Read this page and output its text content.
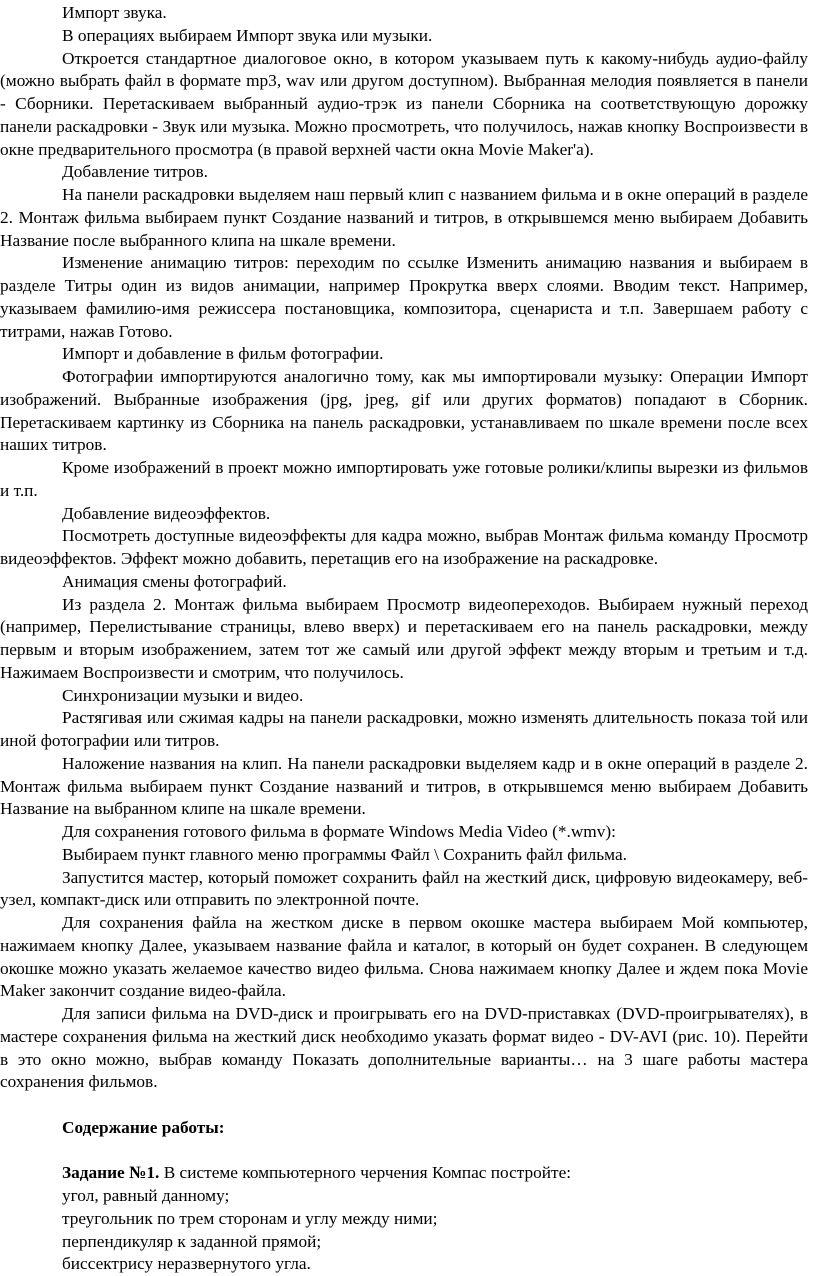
Импорт звука.

В операциях выбираем Импорт звука или музыки.

Откроется стандартное диалоговое окно, в котором указываем путь к какому-нибудь аудио-файлу (можно выбрать файл в формате mp3, wav или другом доступном). Выбранная мелодия появляется в панели - Сборники. Перетаскиваем выбранный аудио-трэк из панели Сборника на соответствующую дорожку панели раскадровки - Звук или музыка. Можно просмотреть, что получилось, нажав кнопку Воспроизвести в окне предварительного просмотра (в правой верхней части окна Movie Maker'a).

Добавление титров.

На панели раскадровки выделяем наш первый клип с названием фильма и в окне операций в разделе 2. Монтаж фильма выбираем пункт Создание названий и титров, в открывшемся меню выбираем Добавить Название после выбранного клипа на шкале времени.

Изменение анимацию титров: переходим по ссылке Изменить анимацию названия и выбираем в разделе Титры один из видов анимации, например Прокрутка вверх слоями. Вводим текст. Например, указываем фамилию-имя режиссера постановщика, композитора, сценариста и т.п. Завершаем работу с титрами, нажав Готово.

Импорт и добавление в фильм фотографии.

Фотографии импортируются аналогично тому, как мы импортировали музыку: Операции Импорт изображений. Выбранные изображения (jpg, jpeg, gif или других форматов) попадают в Сборник. Перетаскиваем картинку из Сборника на панель раскадровки, устанавливаем по шкале времени после всех наших титров.

Кроме изображений в проект можно импортировать уже готовые ролики/клипы вырезки из фильмов и т.п.

Добавление видеоэффектов.

Посмотреть доступные видеоэффекты для кадра можно, выбрав Монтаж фильма команду Просмотр видеоэффектов. Эффект можно добавить, перетащив его на изображение на раскадровке.

Анимация смены фотографий.

Из раздела 2. Монтаж фильма выбираем Просмотр видеопереходов. Выбираем нужный переход (например, Перелистывание страницы, влево вверх) и перетаскиваем его на панель раскадровки, между первым и вторым изображением, затем тот же самый или другой эффект между вторым и третьим и т.д. Нажимаем Воспроизвести и смотрим, что получилось.

Синхронизации музыки и видео.

Растягивая или сжимая кадры на панели раскадровки, можно изменять длительность показа той или иной фотографии или титров.

Наложение названия на клип. На панели раскадровки выделяем кадр и в окне операций в разделе 2. Монтаж фильма выбираем пункт Создание названий и титров, в открывшемся меню выбираем Добавить Название на выбранном клипе на шкале времени.

Для сохранения готового фильма в формате Windows Media Video (*.wmv):

Выбираем пункт главного меню программы Файл \ Сохранить файл фильма.

Запустится мастер, который поможет сохранить файл на жесткий диск, цифровую видеокамеру, веб-узел, компакт-диск или отправить по электронной почте.

Для сохранения файла на жестком диске в первом окошке мастера выбираем Мой компьютер, нажимаем кнопку Далее, указываем название файла и каталог, в который он будет сохранен. В следующем окошке можно указать желаемое качество видео фильма. Снова нажимаем кнопку Далее и ждем пока Movie Maker закончит создание видео-файла.

Для записи фильма на DVD-диск и проигрывать его на DVD-приставках (DVD-проигрывателях), в мастере сохранения фильма на жесткий диск необходимо указать формат видео - DV-AVI (рис. 10). Перейти в это окно можно, выбрав команду Показать дополнительные варианты… на 3 шаге работы мастера сохранения фильмов.

Содержание работы:

Задание №1. В системе компьютерного черчения Компас постройте:

угол, равный данному;

треугольник по трем сторонам и углу между ними;

перпендикуляр к заданной прямой;

биссектрису неразвернутого угла.
